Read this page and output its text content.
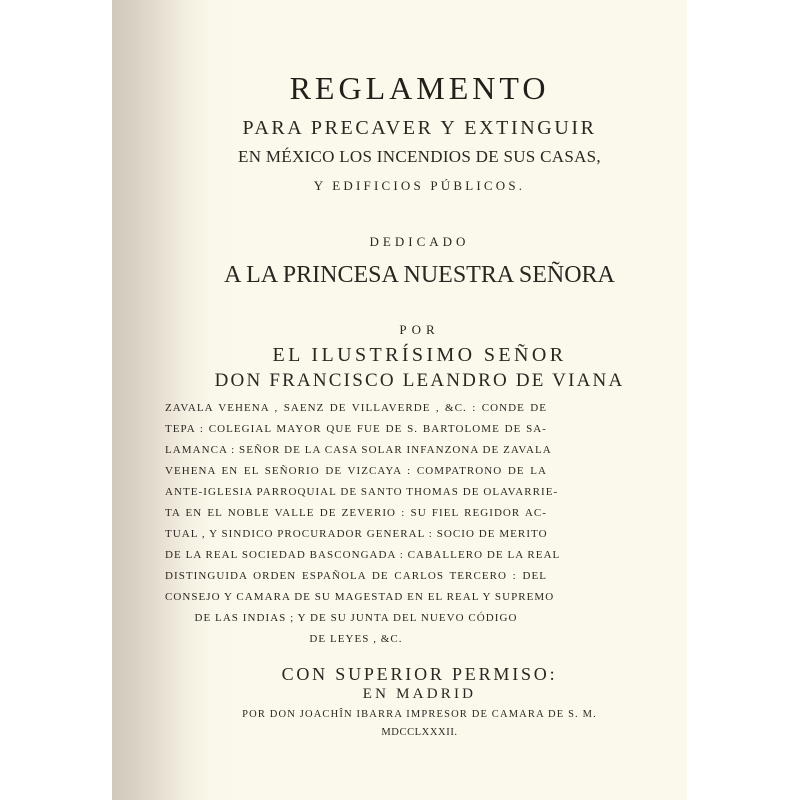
REGLAMENTO
PARA PRECAVER Y EXTINGUIR
EN MÉXICO LOS INCENDIOS DE SUS CASAS,
Y EDIFICIOS PÚBLICOS.
DEDICADO
A LA PRINCESA NUESTRA SEÑORA
POR
EL ILUSTRÍSIMO SEÑOR
DON FRANCISCO LEANDRO DE VIANA
ZAVALA VEHENA , SAENZ DE VILLAVERDE , &C. : CONDE DE
TEPA : COLEGIAL MAYOR QUE FUE DE S. BARTOLOME DE SA-
LAMANCA : SEÑOR DE LA CASA SOLAR INFANZONA DE ZAVALA
VEHENA EN EL SEÑORIO DE VIZCAYA : COMPATRONO DE LA
ANTE-IGLESIA PARROQUIAL DE SANTO THOMAS DE OLAVARRIE-
TA EN EL NOBLE VALLE DE ZEVERIO : SU FIEL REGIDOR AC-
TUAL , Y SINDICO PROCURADOR GENERAL : SOCIO DE MERITO
DE LA REAL SOCIEDAD BASCONGADA : CABALLERO DE LA REAL
DISTINGUIDA ORDEN ESPAÑOLA DE CARLOS TERCERO : DEL
CONSEJO Y CAMARA DE SU MAGESTAD EN EL REAL Y SUPREMO
DE LAS INDIAS ; Y DE SU JUNTA DEL NUEVO CÓDIGO
DE LEYES , &C.
CON SUPERIOR PERMISO:
EN MADRID
POR DON JOACHÎN IBARRA IMPRESOR DE CAMARA DE S. M.
MDCCLXXXII.
